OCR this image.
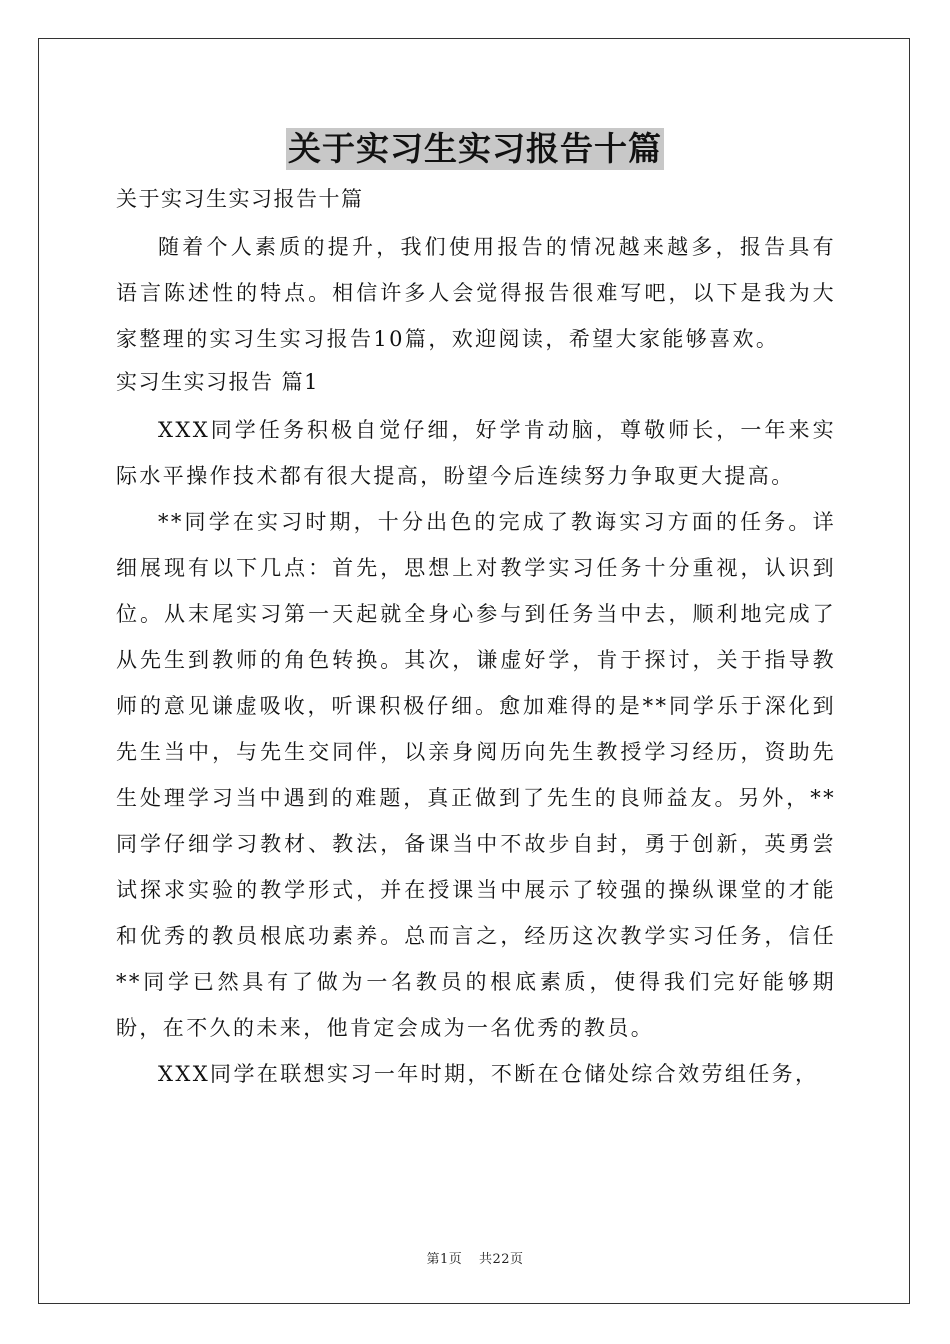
关于实习生实习报告十篇

关于实习生实习报告十篇

随着个人素质的提升，我们使用报告的情况越来越多，报告具有语言陈述性的特点。相信许多人会觉得报告很难写吧，以下是我为大家整理的实习生实习报告10篇，欢迎阅读，希望大家能够喜欢。

实习生实习报告 篇1

XXX同学任务积极自觉仔细，好学肯动脑，尊敬师长，一年来实际水平操作技术都有很大提高，盼望今后连续努力争取更大提高。

**同学在实习时期，十分出色的完成了教诲实习方面的任务。详细展现有以下几点：首先，思想上对教学实习任务十分重视，认识到位。从末尾实习第一天起就全身心参与到任务当中去，顺利地完成了从先生到教师的角色转换。其次，谦虚好学，肯于探讨，关于指导教师的意见谦虚吸收，听课积极仔细。愈加难得的是**同学乐于深化到先生当中，与先生交同伴，以亲身阅历向先生教授学习经历，资助先生处理学习当中遇到的难题，真正做到了先生的良师益友。另外，**同学仔细学习教材、教法，备课当中不故步自封，勇于创新，英勇尝试探求实验的教学形式，并在授课当中展示了较强的操纵课堂的才能和优秀的教员根底功素养。总而言之，经历这次教学实习任务，信任**同学已然具有了做为一名教员的根底素质，使得我们完好能够期盼，在不久的未来，他肯定会成为一名优秀的教员。

XXX同学在联想实习一年时期，不断在仓储处综合效劳组任务，

第1页 共22页
